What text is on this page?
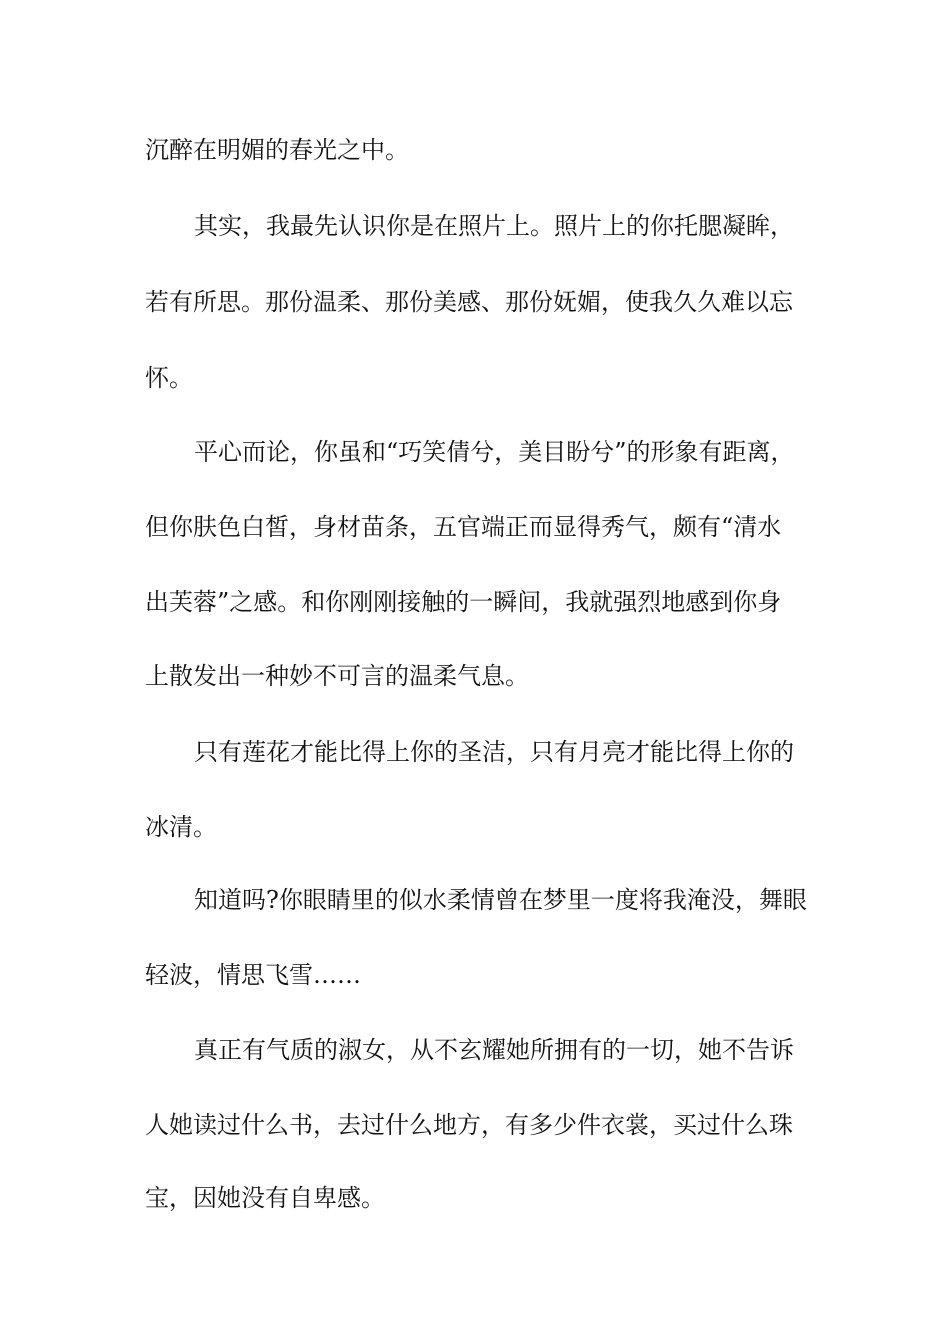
沉醉在明媚的春光之中。

其实，我最先认识你是在照片上。照片上的你托腮凝眸，

若有所思。那份温柔、那份美感、那份妩媚，使我久久难以忘

怀。

平心而论，你虽和“巧笑倩兮，美目盼兮”的形象有距离，

但你肤色白皙，身材苗条，五官端正而显得秀气，颇有“清水

出芙蓉”之感。和你刚刚接触的一瞬间，我就强烈地感到你身

上散发出一种妙不可言的温柔气息。

只有莲花才能比得上你的圣洁，只有月亮才能比得上你的

冰清。

知道吗?你眼睛里的似水柔情曾在梦里一度将我淹没，舞眼

轻波，情思飞雪……

真正有气质的淑女，从不玄耀她所拥有的一切，她不告诉

人她读过什么书，去过什么地方，有多少件衣裳，买过什么珠

宝，因她没有自卑感。
